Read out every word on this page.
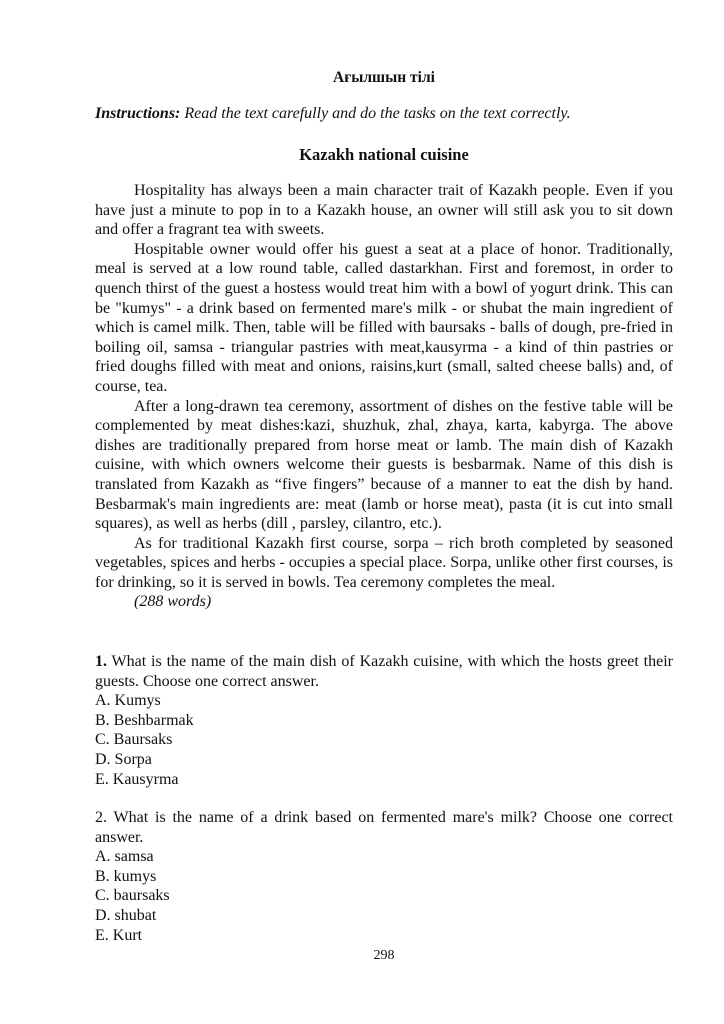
Ағылшын тілі
Instructions: Read the text carefully and do the tasks on the text correctly.
Kazakh national cuisine

Hospitality has always been a main character trait of Kazakh people. Even if you have just a minute to pop in to a Kazakh house, an owner will still ask you to sit down and offer a fragrant tea with sweets.

Hospitable owner would offer his guest a seat at a place of honor. Traditionally, meal is served at a low round table, called dastarkhan. First and foremost, in order to quench thirst of the guest a hostess would treat him with a bowl of yogurt drink. This can be "kumys" - a drink based on fermented mare's milk - or shubat the main ingredient of which is camel milk. Then, table will be filled with baursaks - balls of dough, pre-fried in boiling oil, samsa - triangular pastries with meat,kausyrma - a kind of thin pastries or fried doughs filled with meat and onions, raisins,kurt (small, salted cheese balls) and, of course, tea.

After a long-drawn tea ceremony, assortment of dishes on the festive table will be complemented by meat dishes:kazi, shuzhuk, zhal, zhaya, karta, kabyrga. The above dishes are traditionally prepared from horse meat or lamb. The main dish of Kazakh cuisine, with which owners welcome their guests is besbarmak. Name of this dish is translated from Kazakh as “five fingers” because of a manner to eat the dish by hand. Besbarmak's main ingredients are: meat (lamb or horse meat), pasta (it is cut into small squares), as well as herbs (dill , parsley, cilantro, etc.).

As for traditional Kazakh first course, sorpa – rich broth completed by seasoned vegetables, spices and herbs - occupies a special place. Sorpa, unlike other first courses, is for drinking, so it is served in bowls. Tea ceremony completes the meal.

(288 words)

1. What is the name of the main dish of Kazakh cuisine, with which the hosts greet their guests. Choose one correct answer.

A. Kumys
B. Beshbarmak
C. Baursaks
D. Sorpa
E. Kausyrma

2. What is the name of a drink based on fermented mare's milk? Choose one correct answer.

A. samsa
B. kumys
C. baursaks
D. shubat
E. Kurt
298
